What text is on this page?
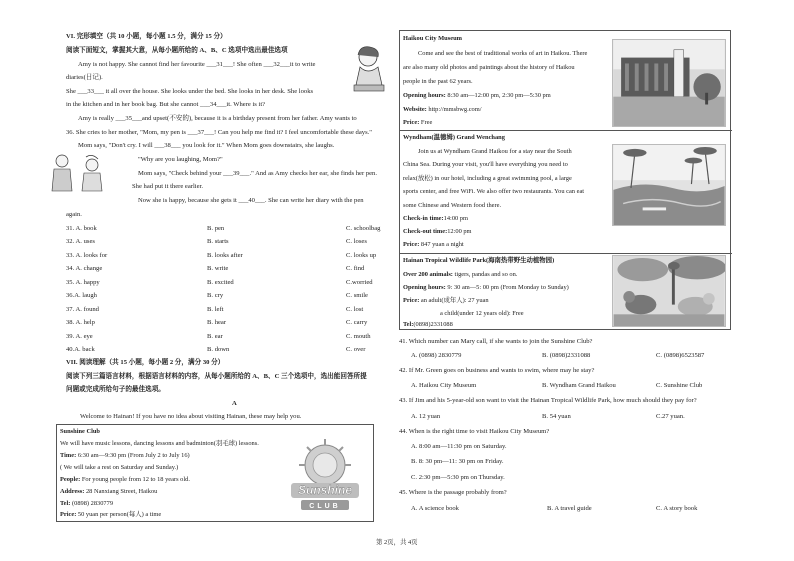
VI. 完形填空（共 10 小题，每小题 1.5 分，满分 15 分）
阅读下面短文，掌握其大意，从每小题所给的 A、B、C 选项中选出最佳选项
Amy is not happy. She cannot find her favourite ___31___! She often ___32___it to write
diaries(日记).
She ___33___ it all over the house. She looks under the bed. She looks in her desk. She looks
in the kitchen and in her book bag. But she cannot ___34___it. Where is it?
Amy is really ___35___and upset(不安的), because it is a birthday present from her father. Amy wants to
36. She cries to her mother, "Mom, my pen is ___37___! Can you help me find it? I feel uncomfortable these days."
Mom says, "Don't cry. I will ___38___ you look for it." When Mom goes downstairs, she laughs.
"Why are you laughing, Mom?"
Mom says, "Check behind your ___39___." And as Amy checks her ear, she finds her pen.
She had put it there earlier.
Now she is happy, because she gets it ___40___. She can write her diary with the pen
again.
31. A. book	B. pen	C. schoolbag
32. A. uses	B. starts	C. loses
33. A. looks for	B. looks after	C. looks up
34. A. change	B. write	C. find
35. A. happy	B. excited	C.worried
36.A. laugh	B. cry	C. smile
37. A. found	B. left	C. lost
38. A. help	B. hear	C. carry
39. A. eye	B. ear	C. mouth
40.A. back	B. down	C. over
VII. 阅读理解（共 15 小题，每小题 2 分，满分 30 分）
阅读下列三篇语言材料，根据语言材料的内容，从每小题所给的 A、B、C 三个选项中，选出能回答所提
问题或完成所给句子的最佳选项。
A
Welcome to Hainan! If you have no idea about visiting Hainan, these may help you.
Sunshine Club
We will have music lessons, dancing lessons and badminton(羽毛球) lessons.
Time: 6:30 am—9:30 pm (From July 2 to July 16)
( We will take a rest on Saturday and Sunday.)
People: For young people from 12 to 18 years old.
Address: 28 Nanxiang Street, Haikou
Tel: (0898) 2830779
Price: 50 yuan per person(每人) a time
Sunshine
CLUB
Haikou City Museum
Come and see the best of traditional works of art in Haikou. There
are also many old photos and paintings about the history of Haikou
people in the past 62 years.
Opening hours: 8:30 am—12:00 pm, 2:30 pm—5:30 pm
Website: http://mmsbwg.com/
Price: Free
Wyndham(温德姆) Grand Wenchang
Join us at Wyndham Grand Haikou for a stay near the South
China Sea. During your visit, you'll have everything you need to
relax(放松) in our hotel, including a great swimming pool, a large
sports center, and free WiFi. We also offer two restaurants. You can eat
some Chinese and Western food there.
Check-in time:14:00 pm
Check-out time:12:00 pm
Price: 847 yuan a night
Hainan Tropical Wildlife Park(海南热带野生动植物园)
Over 200 animals: tigers, pandas and so on.
Opening hours: 9: 30 am—5: 00 pm (From Monday to Sunday)
Price: an adult(成年人): 27 yuan
a child(under 12 years old): Free
Tel:(0898)2331088
41. Which number can Mary call, if she wants to join the Sunshine Club?
A. (0898) 2830779	B. (0898)2331088	C. (0898)6523587
42. If Mr. Green goes on business and wants to swim, where may he stay?
A. Haikou City Museum	B. Wyndham Grand Haikou	C. Sunshine Club
43. If Jim and his 5-year-old son want to visit the Hainan Tropical Wildlife Park, how much should they pay for?
A. 12 yuan	B. 54 yuan	C.27 yuan.
44. When is the right time to visit Haikou City Museum?
A. 8:00 am—11:30 pm on Saturday.
B. 8: 30 pm—11: 30 pm on Friday.
C. 2:30 pm—5:30 pm on Thursday.
45. Where is the passage probably from?
A. A science book	B. A travel guide	C. A story book
第 2页，共 4页
